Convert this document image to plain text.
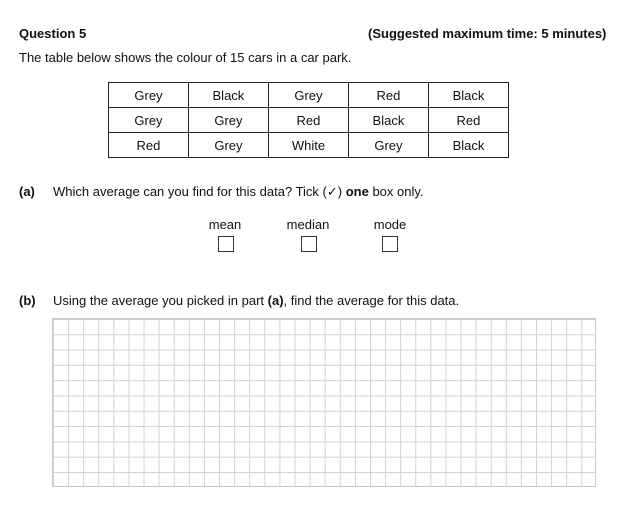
Question 5	(Suggested maximum time: 5 minutes)
The table below shows the colour of 15 cars in a car park.
Grey	Black	Grey	Red	Black
Grey	Grey	Red	Black	Red
Red	Grey	White	Grey	Black
(a) Which average can you find for this data? Tick (✓) one box only.
mean	median	mode
(b) Using the average you picked in part (a), find the average for this data.
